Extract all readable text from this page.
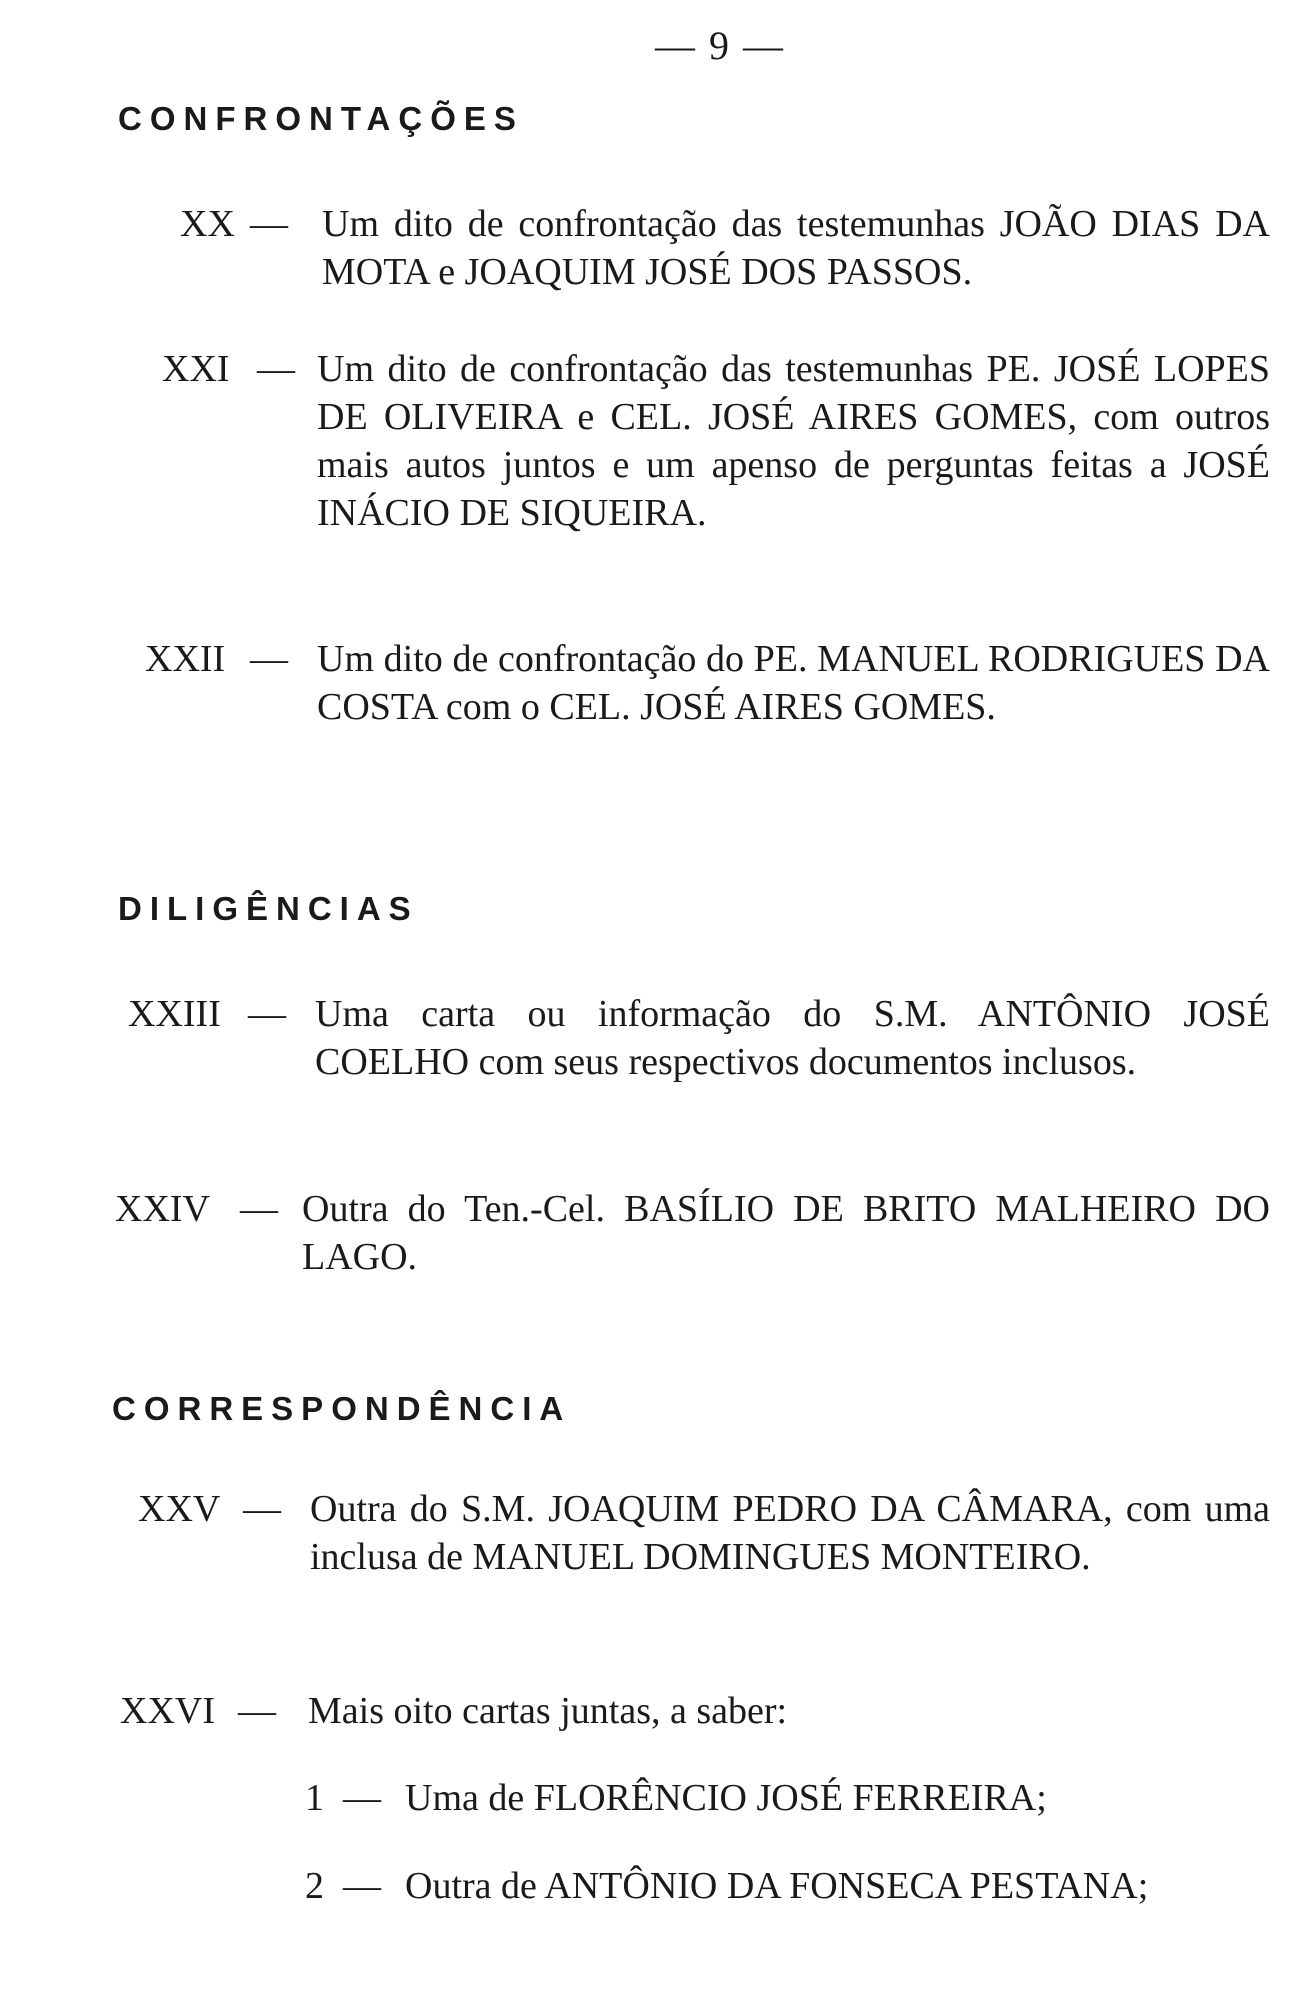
— 9 —
CONFRONTAÇÕES
XX — Um dito de confrontação das testemunhas JOÃO DIAS DA MOTA e JOAQUIM JOSÉ DOS PASSOS.
XXI — Um dito de confrontação das testemunhas PE. JOSÉ LOPES DE OLIVEIRA e CEL. JOSÉ AIRES GOMES, com outros mais autos juntos e um apenso de perguntas feitas a JOSÉ INÁCIO DE SIQUEIRA.
XXII — Um dito de confrontação do PE. MANUEL RODRIGUES DA COSTA com o CEL. JOSÉ AIRES GOMES.
DILIGÊNCIAS
XXIII — Uma carta ou informação do S.M. ANTÔNIO JOSÉ COELHO com seus respectivos documentos inclusos.
XXIV — Outra do Ten.-Cel. BASÍLIO DE BRITO MALHEIRO DO LAGO.
CORRESPONDÊNCIA
XXV — Outra do S.M. JOAQUIM PEDRO DA CÂMARA, com uma inclusa de MANUEL DOMINGUES MONTEIRO.
XXVI — Mais oito cartas juntas, a saber:
1 — Uma de FLORÊNCIO JOSÉ FERREIRA;
2 — Outra de ANTÔNIO DA FONSECA PESTANA;
